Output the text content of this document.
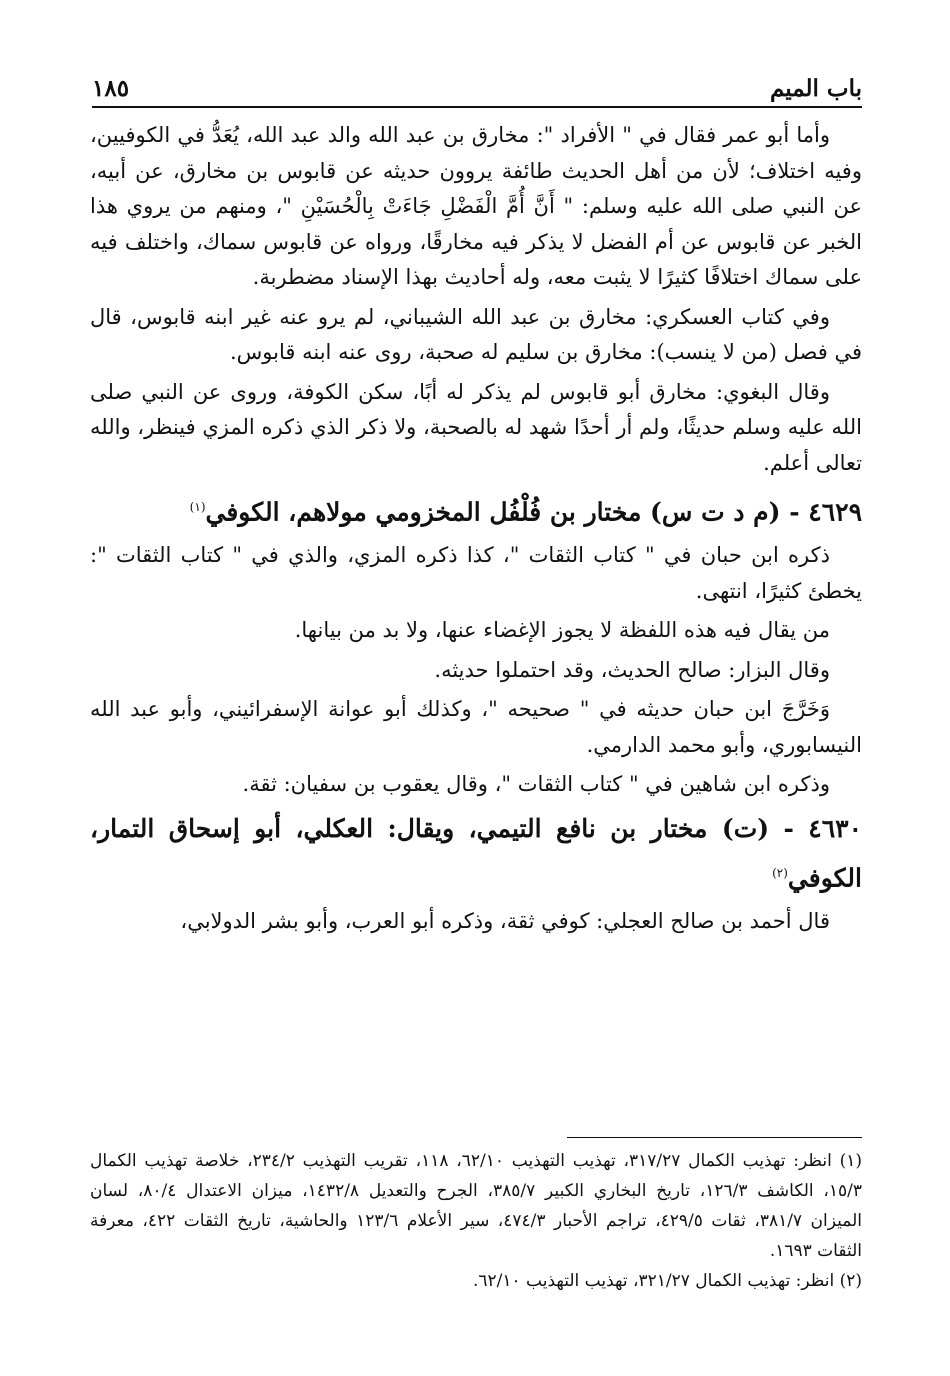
باب الميم
١٨٥

وأما أبو عمر فقال في " الأفراد ": مخارق بن عبد الله والد عبد الله، يُعَدُّ في الكوفيين، وفيه اختلاف؛ لأن من أهل الحديث طائفة يروون حديثه عن قابوس بن مخارق، عن أبيه، عن النبي صلى الله عليه وسلم: " أَنَّ أُمَّ الْفَضْلِ جَاءَتْ بِالْحُسَيْنِ "، ومنهم من يروي هذا الخبر عن قابوس عن أم الفضل لا يذكر فيه مخارقًا، ورواه عن قابوس سماك، واختلف فيه على سماك اختلافًا كثيرًا لا يثبت معه، وله أحاديث بهذا الإسناد مضطربة.

وفي كتاب العسكري: مخارق بن عبد الله الشيباني، لم يرو عنه غير ابنه قابوس، قال في فصل (من لا ينسب): مخارق بن سليم له صحبة، روى عنه ابنه قابوس.

وقال البغوي: مخارق أبو قابوس لم يذكر له أبًا، سكن الكوفة، وروى عن النبي صلى الله عليه وسلم حديثًا، ولم أر أحدًا شهد له بالصحبة، ولا ذكر الذي ذكره المزي فينظر، والله تعالى أعلم.

٤٦٢٩ - (م د ت س) مختار بن فُلْفُل المخزومي مولاهم، الكوفي$^{(١)}$

ذكره ابن حبان في " كتاب الثقات "، كذا ذكره المزي، والذي في " كتاب الثقات ": يخطئ كثيرًا، انتهى.

من يقال فيه هذه اللفظة لا يجوز الإغضاء عنها، ولا بد من بيانها.

وقال البزار: صالح الحديث، وقد احتملوا حديثه.

وَخَرَّجَ ابن حبان حديثه في " صحيحه "، وكذلك أبو عوانة الإسفرائيني، وأبو عبد الله النيسابوري، وأبو محمد الدارمي.

وذكره ابن شاهين في " كتاب الثقات "، وقال يعقوب بن سفيان: ثقة.

٤٦٣٠ - (ت) مختار بن نافع التيمي، ويقال: العكلي، أبو إسحاق التمار، الكوفي$^{(٢)}$

قال أحمد بن صالح العجلي: كوفي ثقة، وذكره أبو العرب، وأبو بشر الدولابي،

(١) انظر: تهذيب الكمال ٣١٧/٢٧، تهذيب التهذيب ٦٢/١٠، ١١٨، تقريب التهذيب ٢٣٤/٢، خلاصة تهذيب الكمال ١٥/٣، الكاشف ١٢٦/٣، تاريخ البخاري الكبير ٣٨٥/٧، الجرح والتعديل ١٤٣٢/٨، ميزان الاعتدال ٨٠/٤، لسان الميزان ٣٨١/٧، ثقات ٤٢٩/٥، تراجم الأحبار ٤٧٤/٣، سير الأعلام ١٢٣/٦ والحاشية، تاريخ الثقات ٤٢٢، معرفة الثقات ١٦٩٣.

(٢) انظر: تهذيب الكمال ٣٢١/٢٧، تهذيب التهذيب ٦٢/١٠.
